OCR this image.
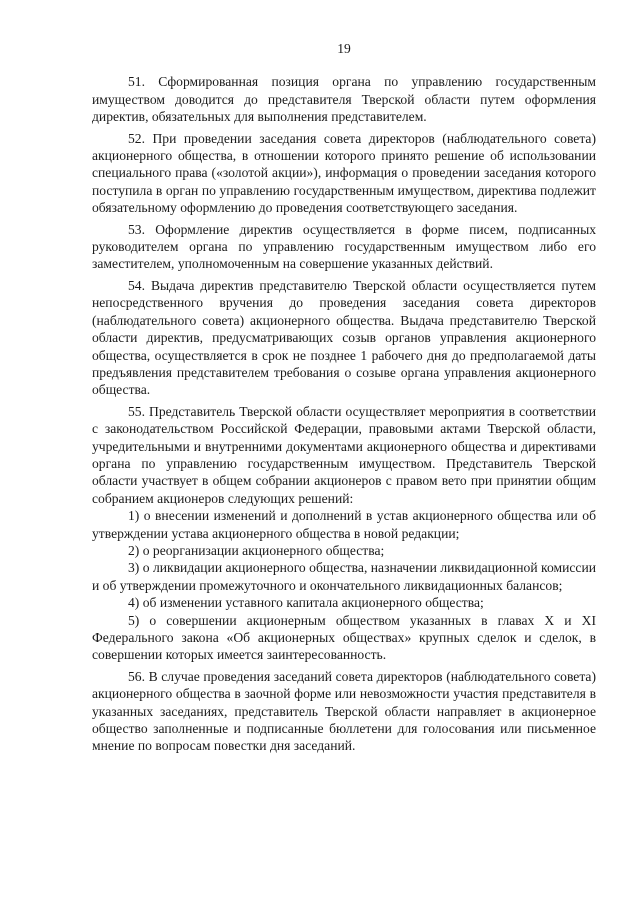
19

51. Сформированная позиция органа по управлению государственным имуществом доводится до представителя Тверской области путем оформления директив, обязательных для выполнения представителем.

52. При проведении заседания совета директоров (наблюдательного совета) акционерного общества, в отношении которого принято решение об использовании специального права («золотой акции»), информация о проведении заседания которого поступила в орган по управлению государственным имуществом, директива подлежит обязательному оформлению до проведения соответствующего заседания.

53. Оформление директив осуществляется в форме писем, подписанных руководителем органа по управлению государственным имуществом либо его заместителем, уполномоченным на совершение указанных действий.

54. Выдача директив представителю Тверской области осуществляется путем непосредственного вручения до проведения заседания совета директоров (наблюдательного совета) акционерного общества. Выдача представителю Тверской области директив, предусматривающих созыв органов управления акционерного общества, осуществляется в срок не позднее 1 рабочего дня до предполагаемой даты предъявления представителем требования о созыве органа управления акционерного общества.

55. Представитель Тверской области осуществляет мероприятия в соответствии с законодательством Российской Федерации, правовыми актами Тверской области, учредительными и внутренними документами акционерного общества и директивами органа по управлению государственным имуществом. Представитель Тверской области участвует в общем собрании акционеров с правом вето при принятии общим собранием акционеров следующих решений:

1) о внесении изменений и дополнений в устав акционерного общества или об утверждении устава акционерного общества в новой редакции;

2) о реорганизации акционерного общества;

3) о ликвидации акционерного общества, назначении ликвидационной комиссии и об утверждении промежуточного и окончательного ликвидационных балансов;

4) об изменении уставного капитала акционерного общества;

5) о совершении акционерным обществом указанных в главах X и XI Федерального закона «Об акционерных обществах» крупных сделок и сделок, в совершении которых имеется заинтересованность.

56. В случае проведения заседаний совета директоров (наблюдательного совета) акционерного общества в заочной форме или невозможности участия представителя в указанных заседаниях, представитель Тверской области направляет в акционерное общество заполненные и подписанные бюллетени для голосования или письменное мнение по вопросам повестки дня заседаний.
